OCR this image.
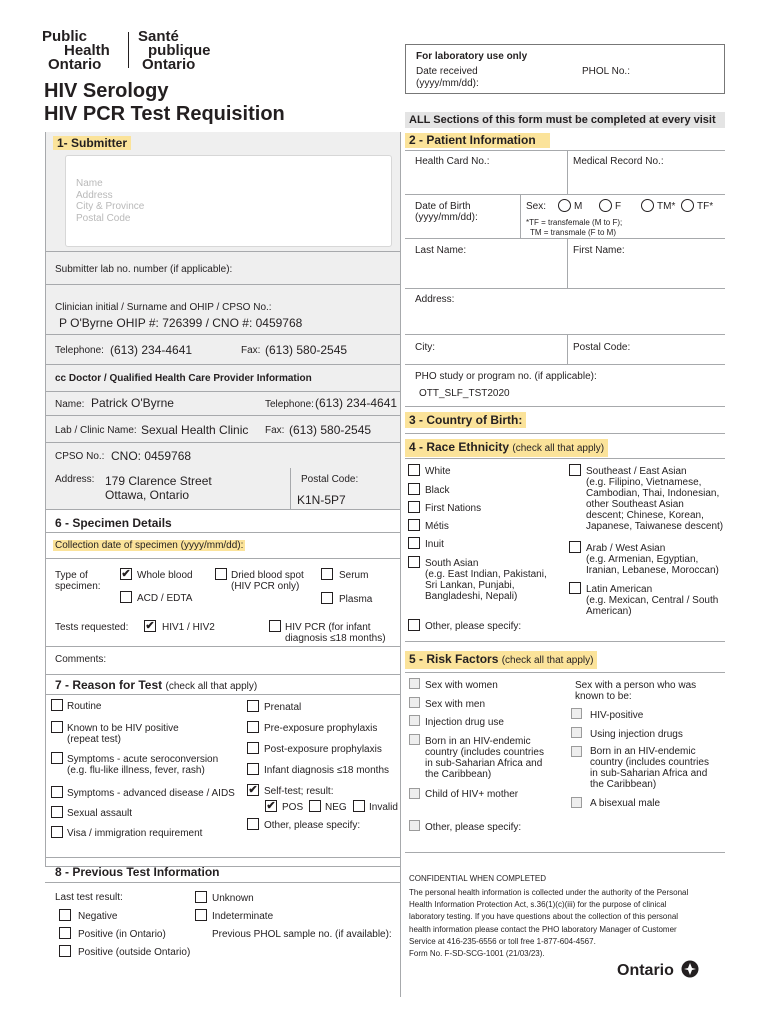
Public
Health
Ontario
Santé
publique
Ontario
HIV Serology
HIV PCR Test Requisition
For laboratory use only
Date received
(yyyy/mm/dd):
PHOL No.:
ALL Sections of this form must be completed at every visit
1- Submitter
Name
Address
City & Province
Postal Code
Submitter lab no. number (if applicable):
Clinician initial / Surname and OHIP / CPSO No.:
P O'Byrne OHIP #: 726399 / CNO #: 0459768
Telephone: (613) 234-4641	Fax: (613) 580-2545
cc Doctor / Qualified Health Care Provider Information
Name: Patrick O'Byrne	Telephone: (613) 234-4641
Lab / Clinic Name: Sexual Health Clinic Fax: (613) 580-2545
CPSO No.: CNO: 0459768
Address: 179 Clarence Street
Ottawa, Ontario
Postal Code:
K1N-5P7
6 - Specimen Details
Collection date of specimen (yyyy/mm/dd):
Type of
specimen:
✔ Whole blood
ACD / EDTA
Dried blood spot
(HIV PCR only)
Serum
Plasma
Tests requested: ✔ HIV1 / HIV2	HIV PCR (for infant
diagnosis ≤18 months)
Comments:
7 - Reason for Test (check all that apply)
Routine
Known to be HIV positive
(repeat test)
Symptoms - acute seroconversion
(e.g. flu-like illness, fever, rash)
Symptoms - advanced disease / AIDS
Sexual assault
Visa / immigration requirement
Prenatal
Pre-exposure prophylaxis
Post-exposure prophylaxis
Infant diagnosis ≤18 months
✔ Self-test; result:
✔ POS NEG Invalid
Other, please specify:
8 - Previous Test Information
Last test result:
Negative
Positive (in Ontario)
Positive (outside Ontario)
Unknown
Indeterminate
Previous PHOL sample no. (if available):
2 - Patient Information
Health Card No.:	Medical Record No.:
Date of Birth
(yyyy/mm/dd):
Sex:	M	F	TM* TF*
*TF = transfemale (M to F);
TM = transmale (F to M)
Last Name:	First Name:
Address:
City:	Postal Code:
PHO study or program no. (if applicable):
OTT_SLF_TST2020
3 - Country of Birth:
4 - Race Ethnicity (check all that apply)
White
Black
First Nations
Métis
Inuit
South Asian
(e.g. East Indian, Pakistani,
Sri Lankan, Punjabi,
Bangladeshi, Nepali)
Other, please specify:
Southeast / East Asian
(e.g. Filipino, Vietnamese,
Cambodian, Thai, Indonesian,
other Southeast Asian
descent; Chinese, Korean,
Japanese, Taiwanese descent)
Arab / West Asian
(e.g. Armenian, Egyptian,
Iranian, Lebanese, Moroccan)
Latin American
(e.g. Mexican, Central / South
American)
5 - Risk Factors (check all that apply)
Sex with women
Sex with men
Injection drug use
Born in an HIV-endemic
country (includes countries
in sub-Saharian Africa and
the Caribbean)
Child of HIV+ mother
Other, please specify:
Sex with a person who was
known to be:
HIV-positive
Using injection drugs
Born in an HIV-endemic
country (includes countries
in sub-Saharian Africa and
the Caribbean)
A bisexual male
CONFIDENTIAL WHEN COMPLETED
The personal health information is collected under the authority of the Personal
Health Information Protection Act, s.36(1)(c)(iii) for the purpose of clinical
laboratory testing. If you have questions about the collection of this personal
health information please contact the PHO laboratory Manager of Customer
Service at 416-235-6556 or toll free 1-877-604-4567.
Form No. F-SD-SCG-1001 (21/03/23).
Ontario
